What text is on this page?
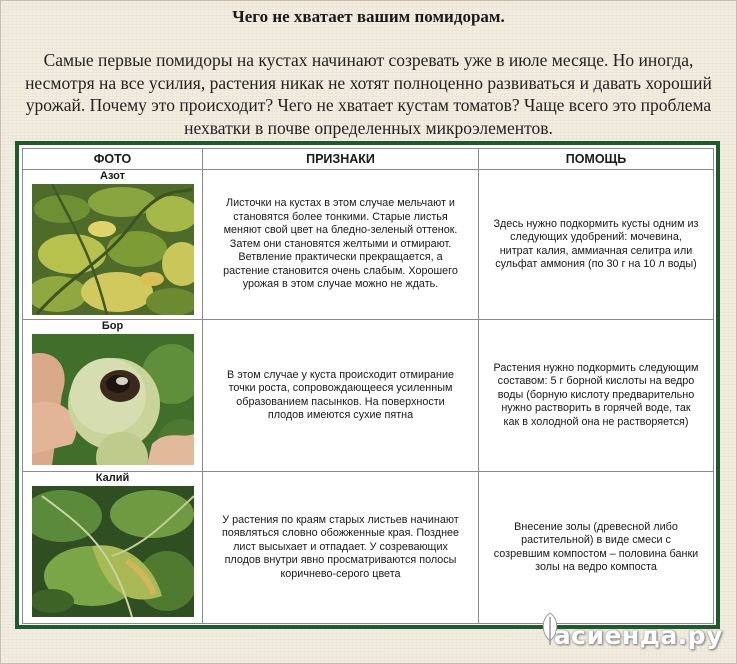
Чего не хватает вашим помидорам.
Самые первые помидоры на кустах начинают созревать уже в июле месяце. Но иногда, несмотря на все усилия, растения никак не хотят полноценно развиваться и давать хороший урожай. Почему это происходит? Чего не хватает кустам томатов? Чаще всего это проблема нехватки в почве определенных микроэлементов.
ФОТО	ПРИЗНАКИ	ПОМОЩЬ

Азот	Листочки на кустах в этом случае мельчают и становятся более тонкими. Старые листья меняют свой цвет на бледно-зеленый оттенок. Затем они становятся желтыми и отмирают. Ветвление практически прекращается, а растение становится очень слабым. Хорошего урожая в этом случае можно не ждать.	Здесь нужно подкормить кусты одним из следующих удобрений: мочевина, нитрат калия, аммиачная селитра или сульфат аммония (по 30 г на 10 л воды)

Бор	В этом случае у куста происходит отмирание точки роста, сопровождающееся усиленным образованием пасынков. На поверхности плодов имеются сухие пятна	Растения нужно подкормить следующим составом: 5 г борной кислоты на ведро воды (борную кислоту предварительно нужно растворить в горячей воде, так как в холодной она не растворяется)

Калий	У растения по краям старых листьев начинают появляться словно обожженные края. Позднее лист высыхает и отпадает. У созревающих плодов внутри явно просматриваются полосы коричнево-серого цвета	Внесение золы (древесной либо растительной) в виде смеси с созревшим компостом – половина банки золы на ведро компоста
асиенда.ру
